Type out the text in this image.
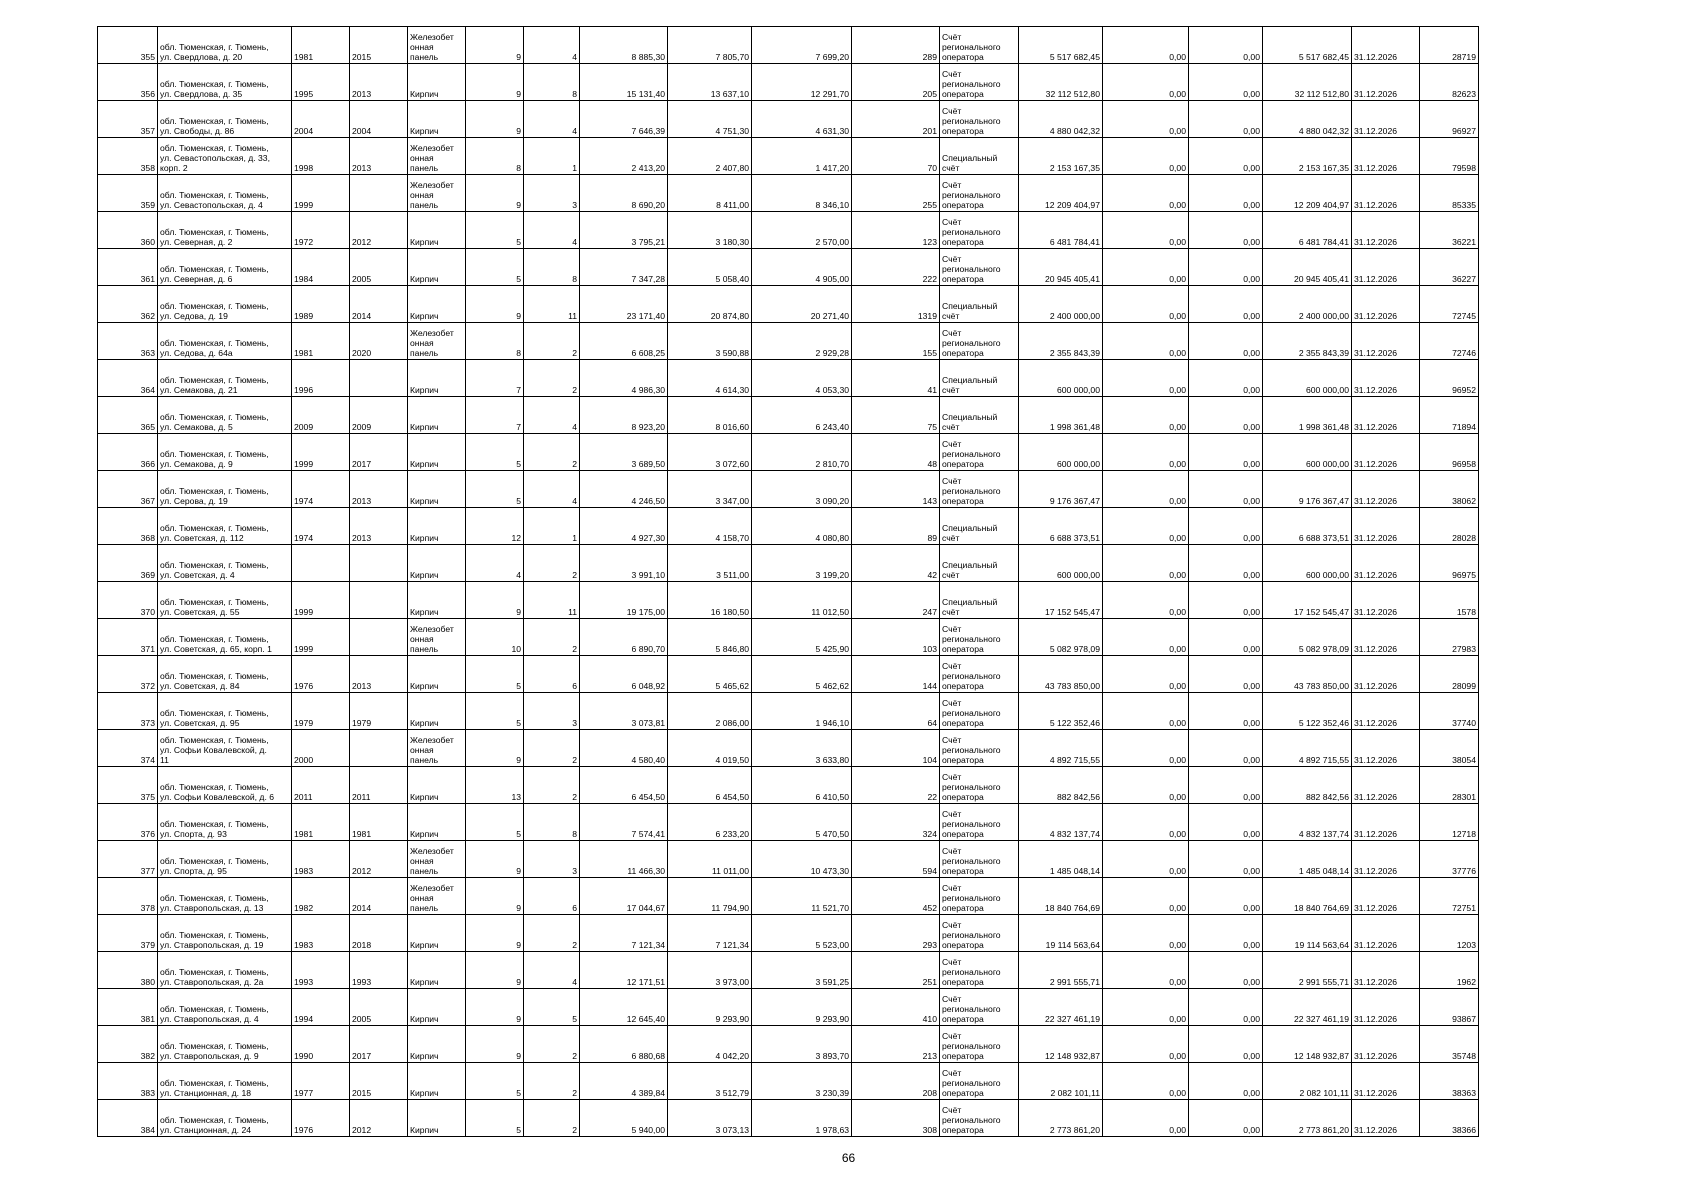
355	обл. Тюменская, г. Тюмень,
ул. Свердлова, д. 20	1981	2015	Железобет
онная
панель	9	4	8 885,30	7 805,70	7 699,20	289	Счёт
регионального
оператора	5 517 682,45	0,00	0,00	5 517 682,45	31.12.2026	28719
356	обл. Тюменская, г. Тюмень,
ул. Свердлова, д. 35	1995	2013	Кирпич	9	8	15 131,40	13 637,10	12 291,70	205	Счёт
регионального
оператора	32 112 512,80	0,00	0,00	32 112 512,80	31.12.2026	82623
357	обл. Тюменская, г. Тюмень,
ул. Свободы, д. 86	2004	2004	Кирпич	9	4	7 646,39	4 751,30	4 631,30	201	Счёт
регионального
оператора	4 880 042,32	0,00	0,00	4 880 042,32	31.12.2026	96927
358	обл. Тюменская, г. Тюмень,
ул. Севастопольская, д. 33,
корп. 2	1998	2013	Железобет
онная
панель	8	1	2 413,20	2 407,80	1 417,20	70	Специальный
счёт	2 153 167,35	0,00	0,00	2 153 167,35	31.12.2026	79598
359	обл. Тюменская, г. Тюмень,
ул. Севастопольская, д. 4	1999		Железобет
онная
панель	9	3	8 690,20	8 411,00	8 346,10	255	Счёт
регионального
оператора	12 209 404,97	0,00	0,00	12 209 404,97	31.12.2026	85335
360	обл. Тюменская, г. Тюмень,
ул. Северная, д. 2	1972	2012	Кирпич	5	4	3 795,21	3 180,30	2 570,00	123	Счёт
регионального
оператора	6 481 784,41	0,00	0,00	6 481 784,41	31.12.2026	36221
361	обл. Тюменская, г. Тюмень,
ул. Северная, д. 6	1984	2005	Кирпич	5	8	7 347,28	5 058,40	4 905,00	222	Счёт
регионального
оператора	20 945 405,41	0,00	0,00	20 945 405,41	31.12.2026	36227
362	обл. Тюменская, г. Тюмень,
ул. Седова, д. 19	1989	2014	Кирпич	9	11	23 171,40	20 874,80	20 271,40	1319	Специальный
счёт	2 400 000,00	0,00	0,00	2 400 000,00	31.12.2026	72745
363	обл. Тюменская, г. Тюмень,
ул. Седова, д. 64а	1981	2020	Железобет
онная
панель	8	2	6 608,25	3 590,88	2 929,28	155	Счёт
регионального
оператора	2 355 843,39	0,00	0,00	2 355 843,39	31.12.2026	72746
364	обл. Тюменская, г. Тюмень,
ул. Семакова, д. 21	1996		Кирпич	7	2	4 986,30	4 614,30	4 053,30	41	Специальный
счёт	600 000,00	0,00	0,00	600 000,00	31.12.2026	96952
365	обл. Тюменская, г. Тюмень,
ул. Семакова, д. 5	2009	2009	Кирпич	7	4	8 923,20	8 016,60	6 243,40	75	Специальный
счёт	1 998 361,48	0,00	0,00	1 998 361,48	31.12.2026	71894
366	обл. Тюменская, г. Тюмень,
ул. Семакова, д. 9	1999	2017	Кирпич	5	2	3 689,50	3 072,60	2 810,70	48	Счёт
регионального
оператора	600 000,00	0,00	0,00	600 000,00	31.12.2026	96958
367	обл. Тюменская, г. Тюмень,
ул. Серова, д. 19	1974	2013	Кирпич	5	4	4 246,50	3 347,00	3 090,20	143	Счёт
регионального
оператора	9 176 367,47	0,00	0,00	9 176 367,47	31.12.2026	38062
368	обл. Тюменская, г. Тюмень,
ул. Советская, д. 112	1974	2013	Кирпич	12	1	4 927,30	4 158,70	4 080,80	89	Специальный
счёт	6 688 373,51	0,00	0,00	6 688 373,51	31.12.2026	28028
369	обл. Тюменская, г. Тюмень,
ул. Советская, д. 4			Кирпич	4	2	3 991,10	3 511,00	3 199,20	42	Специальный
счёт	600 000,00	0,00	0,00	600 000,00	31.12.2026	96975
370	обл. Тюменская, г. Тюмень,
ул. Советская, д. 55	1999		Кирпич	9	11	19 175,00	16 180,50	11 012,50	247	Специальный
счёт	17 152 545,47	0,00	0,00	17 152 545,47	31.12.2026	1578
371	обл. Тюменская, г. Тюмень,
ул. Советская, д. 65, корп. 1	1999		Железобет
онная
панель	10	2	6 890,70	5 846,80	5 425,90	103	Счёт
регионального
оператора	5 082 978,09	0,00	0,00	5 082 978,09	31.12.2026	27983
372	обл. Тюменская, г. Тюмень,
ул. Советская, д. 84	1976	2013	Кирпич	5	6	6 048,92	5 465,62	5 462,62	144	Счёт
регионального
оператора	43 783 850,00	0,00	0,00	43 783 850,00	31.12.2026	28099
373	обл. Тюменская, г. Тюмень,
ул. Советская, д. 95	1979	1979	Кирпич	5	3	3 073,81	2 086,00	1 946,10	64	Счёт
регионального
оператора	5 122 352,46	0,00	0,00	5 122 352,46	31.12.2026	37740
374	обл. Тюменская, г. Тюмень,
ул. Софьи Ковалевской, д.
11	2000		Железобет
онная
панель	9	2	4 580,40	4 019,50	3 633,80	104	Счёт
регионального
оператора	4 892 715,55	0,00	0,00	4 892 715,55	31.12.2026	38054
375	обл. Тюменская, г. Тюмень,
ул. Софьи Ковалевской, д. 6	2011	2011	Кирпич	13	2	6 454,50	6 454,50	6 410,50	22	Счёт
регионального
оператора	882 842,56	0,00	0,00	882 842,56	31.12.2026	28301
376	обл. Тюменская, г. Тюмень,
ул. Спорта, д. 93	1981	1981	Кирпич	5	8	7 574,41	6 233,20	5 470,50	324	Счёт
регионального
оператора	4 832 137,74	0,00	0,00	4 832 137,74	31.12.2026	12718
377	обл. Тюменская, г. Тюмень,
ул. Спорта, д. 95	1983	2012	Железобет
онная
панель	9	3	11 466,30	11 011,00	10 473,30	594	Счёт
регионального
оператора	1 485 048,14	0,00	0,00	1 485 048,14	31.12.2026	37776
378	обл. Тюменская, г. Тюмень,
ул. Ставропольская, д. 13	1982	2014	Железобет
онная
панель	9	6	17 044,67	11 794,90	11 521,70	452	Счёт
регионального
оператора	18 840 764,69	0,00	0,00	18 840 764,69	31.12.2026	72751
379	обл. Тюменская, г. Тюмень,
ул. Ставропольская, д. 19	1983	2018	Кирпич	9	2	7 121,34	7 121,34	5 523,00	293	Счёт
регионального
оператора	19 114 563,64	0,00	0,00	19 114 563,64	31.12.2026	1203
380	обл. Тюменская, г. Тюмень,
ул. Ставропольская, д. 2а	1993	1993	Кирпич	9	4	12 171,51	3 973,00	3 591,25	251	Счёт
регионального
оператора	2 991 555,71	0,00	0,00	2 991 555,71	31.12.2026	1962
381	обл. Тюменская, г. Тюмень,
ул. Ставропольская, д. 4	1994	2005	Кирпич	9	5	12 645,40	9 293,90	9 293,90	410	Счёт
регионального
оператора	22 327 461,19	0,00	0,00	22 327 461,19	31.12.2026	93867
382	обл. Тюменская, г. Тюмень,
ул. Ставропольская, д. 9	1990	2017	Кирпич	9	2	6 880,68	4 042,20	3 893,70	213	Счёт
регионального
оператора	12 148 932,87	0,00	0,00	12 148 932,87	31.12.2026	35748
383	обл. Тюменская, г. Тюмень,
ул. Станционная, д. 18	1977	2015	Кирпич	5	2	4 389,84	3 512,79	3 230,39	208	Счёт
регионального
оператора	2 082 101,11	0,00	0,00	2 082 101,11	31.12.2026	38363
384	обл. Тюменская, г. Тюмень,
ул. Станционная, д. 24	1976	2012	Кирпич	5	2	5 940,00	3 073,13	1 978,63	308	Счёт
регионального
оператора	2 773 861,20	0,00	0,00	2 773 861,20	31.12.2026	38366
66
